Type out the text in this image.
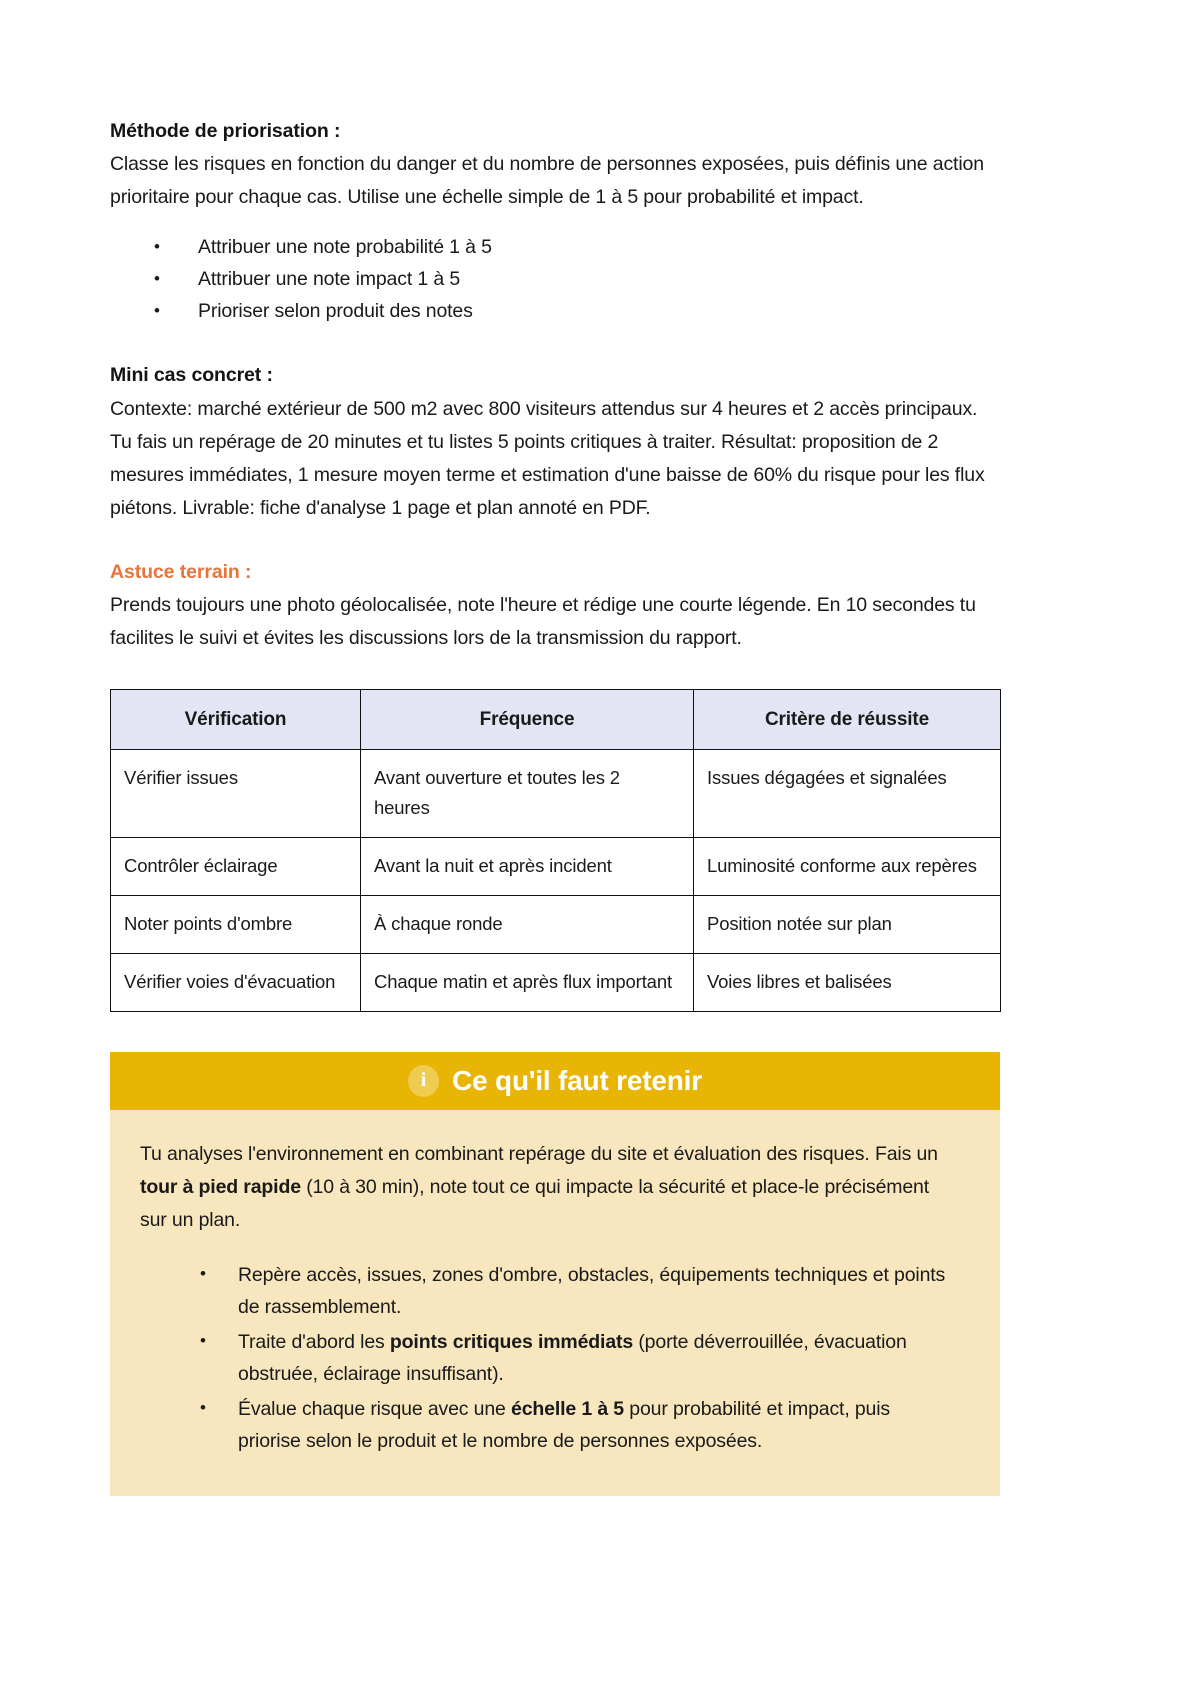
Méthode de priorisation :

Classe les risques en fonction du danger et du nombre de personnes exposées, puis définis une action prioritaire pour chaque cas. Utilise une échelle simple de 1 à 5 pour probabilité et impact.

• Attribuer une note probabilité 1 à 5
• Attribuer une note impact 1 à 5
• Prioriser selon produit des notes
Mini cas concret :

Contexte: marché extérieur de 500 m2 avec 800 visiteurs attendus sur 4 heures et 2 accès principaux. Tu fais un repérage de 20 minutes et tu listes 5 points critiques à traiter. Résultat: proposition de 2 mesures immédiates, 1 mesure moyen terme et estimation d'une baisse de 60% du risque pour les flux piétons. Livrable: fiche d'analyse 1 page et plan annoté en PDF.

Astuce terrain :

Prends toujours une photo géolocalisée, note l'heure et rédige une courte légende. En 10 secondes tu facilites le suivi et évites les discussions lors de la transmission du rapport.

Vérification	Fréquence	Critère de réussite
Vérifier issues	Avant ouverture et toutes les 2 heures	Issues dégagées et signalées
Contrôler éclairage	Avant la nuit et après incident	Luminosité conforme aux repères
Noter points d'ombre	À chaque ronde	Position notée sur plan
Vérifier voies d'évacuation	Chaque matin et après flux important	Voies libres et balisées
i Ce qu'il faut retenir

Tu analyses l'environnement en combinant repérage du site et évaluation des risques. Fais un tour à pied rapide (10 à 30 min), note tout ce qui impacte la sécurité et place-le précisément sur un plan.

• Repère accès, issues, zones d'ombre, obstacles, équipements techniques et points de rassemblement.
• Traite d'abord les points critiques immédiats (porte déverrouillée, évacuation obstruée, éclairage insuffisant).
• Évalue chaque risque avec une échelle 1 à 5 pour probabilité et impact, puis priorise selon le produit et le nombre de personnes exposées.
